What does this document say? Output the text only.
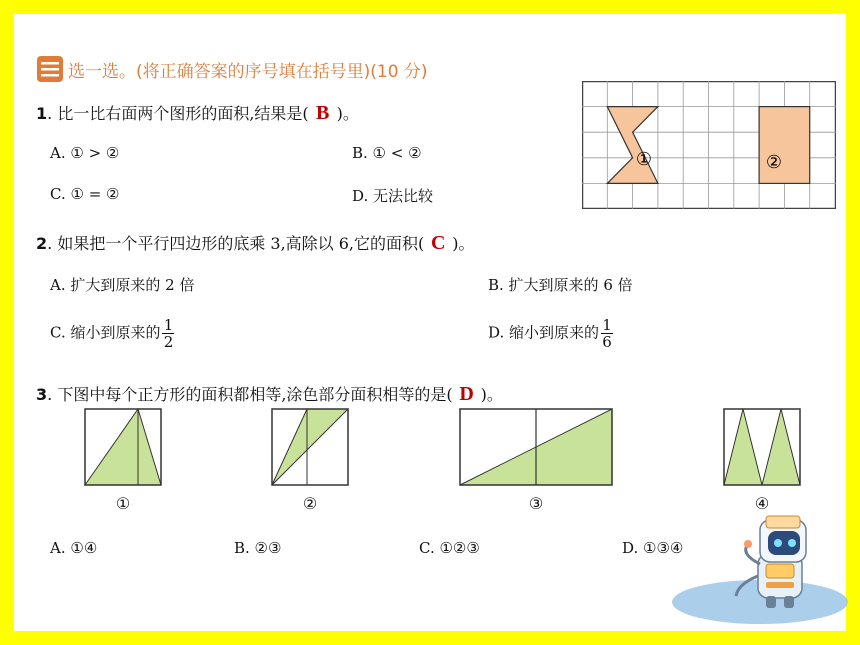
选一选。(将正确答案的序号填在括号里)(10 分)
1. 比一比右面两个图形的面积,结果是( B )。
A. ① > ②	B. ① < ②
C. ① = ②	D. 无法比较
①	②
2. 如果把一个平行四边形的底乘 3,高除以 6,它的面积( C )。
A. 扩大到原来的 2 倍	B. 扩大到原来的 6 倍
C. 缩小到原来的 $\frac{1}{2}$	D. 缩小到原来的 $\frac{1}{6}$
3. 下图中每个正方形的面积都相等,涂色部分面积相等的是( D )。
①	②	③	④
A. ①④	B. ②③	C. ①②③	D. ①③④
